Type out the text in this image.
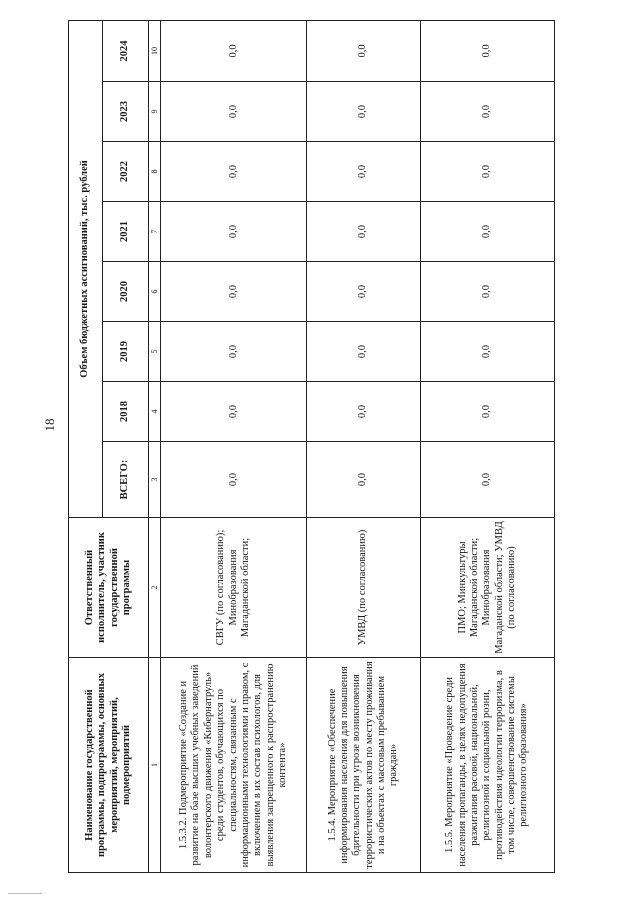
18
Наименование государственной программы, подпрограммы, основных мероприятий, мероприятий, подмероприятий	Ответственный исполнитель, участник государственной программы	Объем бюджетных ассигнований, тыс. рублей							
		ВСЕГО:	2018	2019	2020	2021	2022	2023	2024
1	2	3	4	5	6	7	8	9	10
1.5.3.2. Подмероприятие «Создание и развитие на базе высших учебных заведений волонтерского движения «Кибернатруль» среди студентов, обучающихся по специальностям, связанным с информационными технологиями и правом, с включением в их состав психологов, для выявления запрещенного к распространению контента»	СВГУ (по согласованию); Минобразования Магаданской области;	0,0	0,0	0,0	0,0	0,0	0,0	0,0	0,0
1.5.4. Мероприятие «Обеспечение информирования населения для повышения бдительности при угрозе возникновения террористических актов по месту проживания и на объектах с массовым пребыванием граждан»	УМВД (по согласованию)	0,0	0,0	0,0	0,0	0,0	0,0	0,0	0,0
1.5.5. Мероприятие «Проведение среди населения пропаганды, в целях недопущения разжигания расовой, национальной, религиозной и социальной розни, противодействия идеологии терроризма, в том числе, совершенствование системы религиозного образования»	ПМО; Минкультуры Магаданской области; Минобразования Магаданской области; УМВД (по согласованию)	0,0	0,0	0,0	0,0	0,0	0,0	0,0	0,0
